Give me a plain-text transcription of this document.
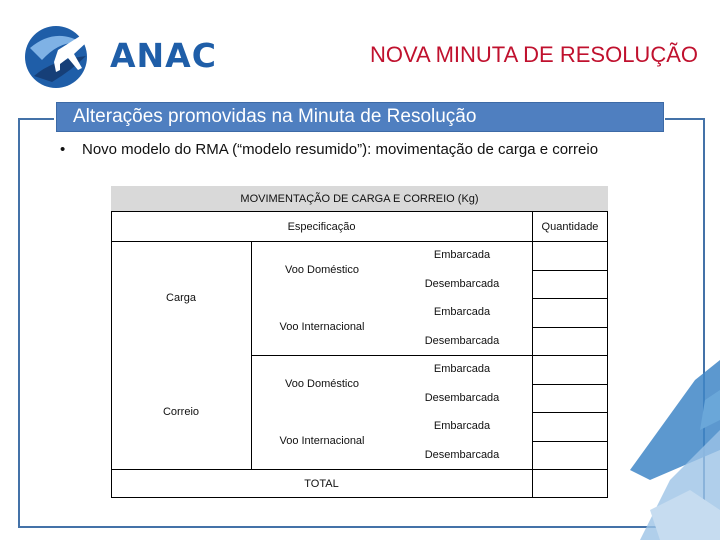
ANAC	NOVA MINUTA DE RESOLUÇÃO
Alterações promovidas na Minuta de Resolução
• Novo modelo do RMA (“modelo resumido”): movimentação de carga e correio
MOVIMENTAÇÃO DE CARGA E CORREIO (Kg)
Especificação	Quantidade
Carga
Correio
Voo Doméstico
Voo Internacional
Voo Doméstico
Voo Internacional
Embarcada
Desembarcada
Embarcada
Desembarcada
Embarcada
Desembarcada
Embarcada
Desembarcada
TOTAL
